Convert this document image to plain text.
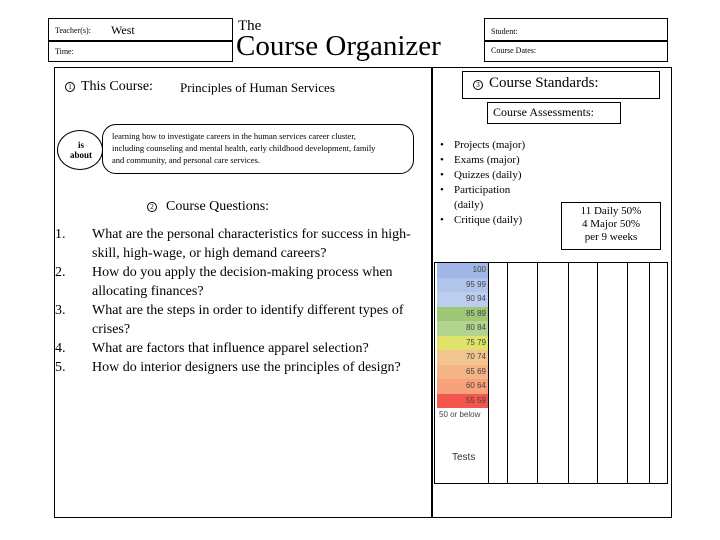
Teacher(s): West
Time:
The
Course Organizer	Student:
Course Dates:
1 This Course: Principles of Human Services
is about
learning how to investigate careers in the human services career cluster, including counseling and mental health, early childhood development, family and community, and personal care services.
2 Course Questions:
1. What are the personal characteristics for success in high-skill, high-wage, or high demand careers?
2. How do you apply the decision-making process when allocating finances?
3. What are the steps in order to identify different types of crises?
4. What are factors that influence apparel selection?
5. How do interior designers use the principles of design?
3 Course Standards:
Course Assessments:
• Projects (major)
• Exams (major)
• Quizzes (daily)
• Participation (daily)
• Critique (daily)
11 Daily 50%
4 Major 50%
per 9 weeks
100
95 99
90 94
85 89
80 84
75 79
70 74
65 69
60 64
55 59
50 or below
Tests
